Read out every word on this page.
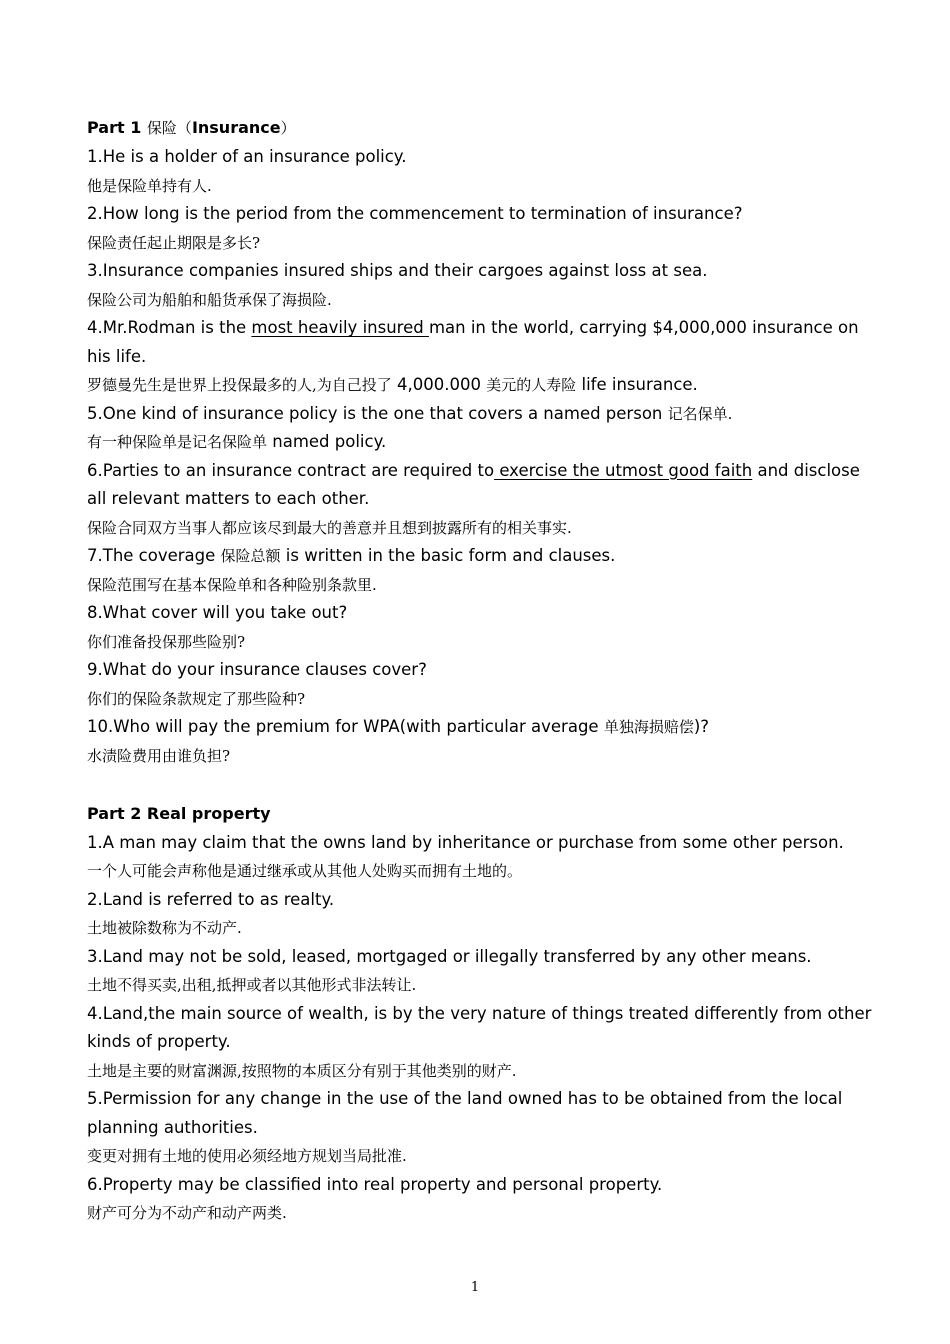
Part 1 保险（Insurance）
1.He is a holder of an insurance policy.
他是保险单持有人.
2.How long is the period from the commencement to termination of insurance?
保险责任起止期限是多长?
3.Insurance companies insured ships and their cargoes against loss at sea.
保险公司为船舶和船货承保了海损险.
4.Mr.Rodman is the most heavily insured man in the world, carrying $4,000,000 insurance on his life.
罗德曼先生是世界上投保最多的人,为自己投了 4,000.000 美元的人寿险 life insurance.
5.One kind of insurance policy is the one that covers a named person 记名保单.
有一种保险单是记名保险单 named policy.
6.Parties to an insurance contract are required to exercise the utmost good faith and disclose all relevant matters to each other.
保险合同双方当事人都应该尽到最大的善意并且想到披露所有的相关事实.
7.The coverage 保险总额 is written in the basic form and clauses.
保险范围写在基本保险单和各种险别条款里.
8.What cover will you take out?
你们准备投保那些险别?
9.What do your insurance clauses cover?
你们的保险条款规定了那些险种?
10.Who will pay the premium for WPA(with particular average 单独海损赔偿)?
水渍险费用由谁负担?
Part 2 Real property
1.A man may claim that the owns land by inheritance or purchase from some other person.
一个人可能会声称他是通过继承或从其他人处购买而拥有土地的。
2.Land is referred to as realty.
土地被除数称为不动产.
3.Land may not be sold, leased, mortgaged or illegally transferred by any other means.
土地不得买卖,出租,抵押或者以其他形式非法转让.
4.Land,the main source of wealth, is by the very nature of things treated differently from other kinds of property.
土地是主要的财富渊源,按照物的本质区分有别于其他类别的财产.
5.Permission for any change in the use of the land owned has to be obtained from the local planning authorities.
变更对拥有土地的使用必须经地方规划当局批准.
6.Property may be classified into real property and personal property.
财产可分为不动产和动产两类.
1
